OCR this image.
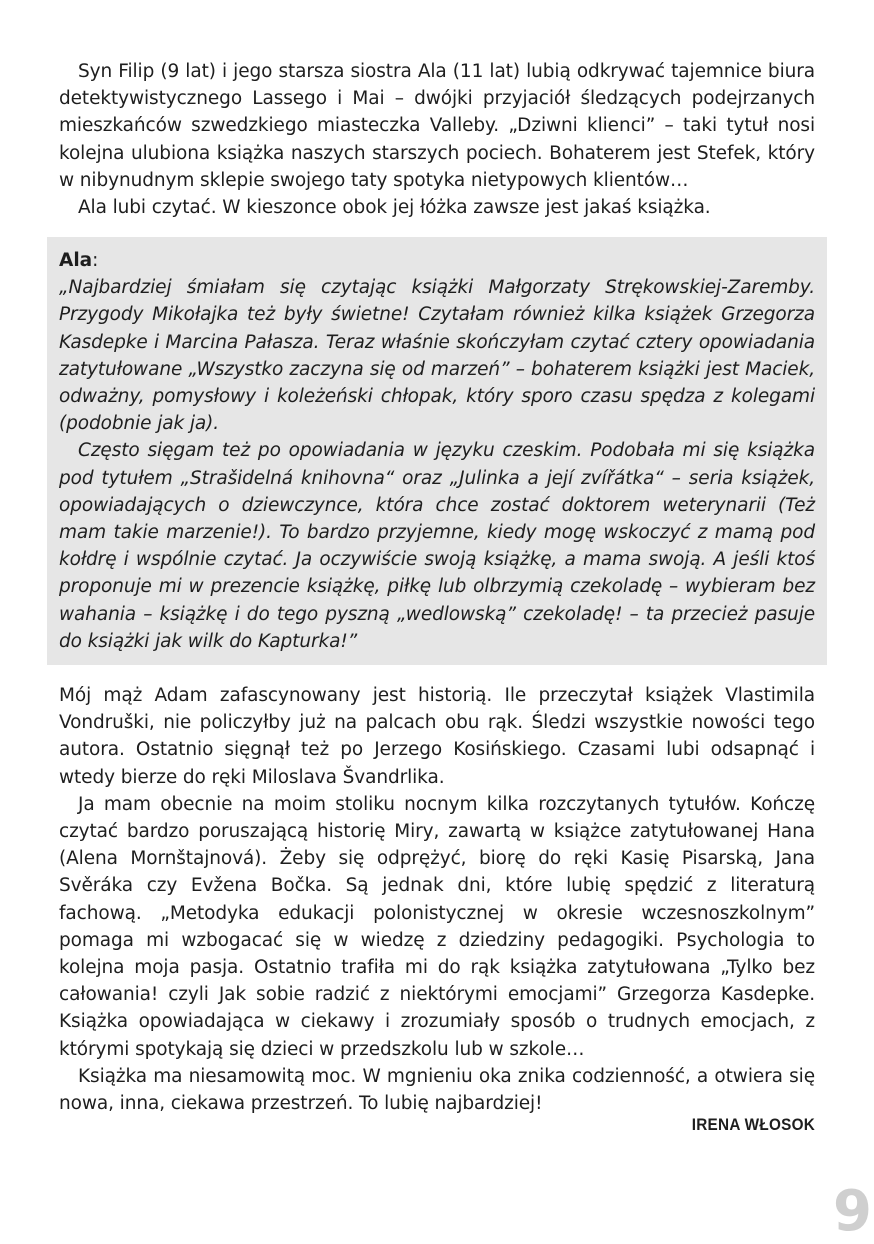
Syn Filip (9 lat) i jego starsza siostra Ala (11 lat) lubią odkrywać tajemnice biura detektywistycznego Lassego i Mai – dwójki przyjaciół śledzących podejrzanych mieszkańców szwedzkiego miasteczka Valleby. „Dziwni klienci” – taki tytuł nosi kolejna ulubiona książka naszych starszych pociech. Bohaterem jest Stefek, który w nibynudnym sklepie swojego taty spotyka nietypowych klientów…

Ala lubi czytać. W kieszonce obok jej łóżka zawsze jest jakaś książka.

Ala:

„Najbardziej śmiałam się czytając książki Małgorzaty Strękowskiej-Zaremby. Przygody Mikołajka też były świetne! Czytałam również kilka książek Grzegorza Kasdepke i Marcina Pałasza. Teraz właśnie skończyłam czytać cztery opowiadania zatytułowane „Wszystko zaczyna się od marzeń” – bohaterem książki jest Maciek, odważny, pomysłowy i koleżeński chłopak, który sporo czasu spędza z kolegami (podobnie jak ja).

Często sięgam też po opowiadania w języku czeskim. Podobała mi się książka pod tytułem „Strašidelná knihovna“ oraz „Julinka a její zvířátka“ – seria książek, opowiadających o dziewczynce, która chce zostać doktorem weterynarii (Też mam takie marzenie!). To bardzo przyjemne, kiedy mogę wskoczyć z mamą pod kołdrę i wspólnie czytać. Ja oczywiście swoją książkę, a mama swoją. A jeśli ktoś proponuje mi w prezencie książkę, piłkę lub olbrzymią czekoladę – wybieram bez wahania – książkę i do tego pyszną „wedlowską” czekoladę! – ta przecież pasuje do książki jak wilk do Kapturka!”

Mój mąż Adam zafascynowany jest historią. Ile przeczytał książek Vlastimila Vondruški, nie policzyłby już na palcach obu rąk. Śledzi wszystkie nowości tego autora. Ostatnio sięgnął też po Jerzego Kosińskiego. Czasami lubi odsapnąć i wtedy bierze do ręki Miloslava Švandrlika.

Ja mam obecnie na moim stoliku nocnym kilka rozczytanych tytułów. Kończę czytać bardzo poruszającą historię Miry, zawartą w książce zatytułowanej Hana (Alena Mornštajnová). Żeby się odprężyć, biorę do ręki Kasię Pisarską, Jana Svěráka czy Evžena Bočka. Są jednak dni, które lubię spędzić z literaturą fachową. „Metodyka edukacji polonistycznej w okresie wczesnoszkolnym” pomaga mi wzbogacać się w wiedzę z dziedziny pedagogiki. Psychologia to kolejna moja pasja. Ostatnio trafiła mi do rąk książka zatytułowana „Tylko bez całowania! czyli Jak sobie radzić z niektórymi emocjami” Grzegorza Kasdepke. Książka opowiadająca w ciekawy i zrozumiały sposób o trudnych emocjach, z którymi spotykają się dzieci w przedszkolu lub w szkole…

Książka ma niesamowitą moc. W mgnieniu oka znika codzienność, a otwiera się nowa, inna, ciekawa przestrzeń. To lubię najbardziej!

IRENA WŁOSOK
9
